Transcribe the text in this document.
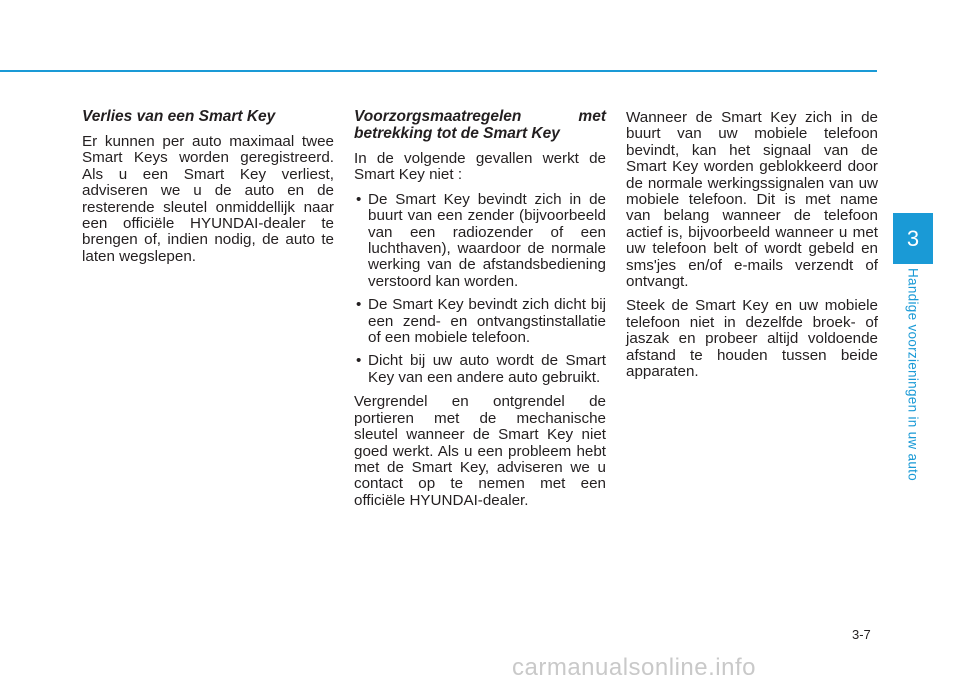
Verlies van een Smart Key

Er kunnen per auto maximaal twee Smart Keys worden geregistreerd. Als u een Smart Key verliest, adviseren we u de auto en de resterende sleutel onmiddellijk naar een officiële HYUNDAI-dealer te brengen of, indien nodig, de auto te laten wegslepen.

Voorzorgsmaatregelen met betrekking tot de Smart Key

In de volgende gevallen werkt de Smart Key niet :

• De Smart Key bevindt zich in de buurt van een zender (bijvoorbeeld van een radiozender of een luchthaven), waardoor de normale werking van de afstandsbediening verstoord kan worden.
• De Smart Key bevindt zich dicht bij een zend- en ontvangstinstallatie of een mobiele telefoon.
• Dicht bij uw auto wordt de Smart Key van een andere auto gebruikt.

Vergrendel en ontgrendel de portieren met de mechanische sleutel wanneer de Smart Key niet goed werkt. Als u een probleem hebt met de Smart Key, adviseren we u contact op te nemen met een officiële HYUNDAI-dealer.

Wanneer de Smart Key zich in de buurt van uw mobiele telefoon bevindt, kan het signaal van de Smart Key worden geblokkeerd door de normale werkingssignalen van uw mobiele telefoon. Dit is met name van belang wanneer de telefoon actief is, bijvoorbeeld wanneer u met uw telefoon belt of wordt gebeld en sms'jes en/of e-mails verzendt of ontvangt.

Steek de Smart Key en uw mobiele telefoon niet in dezelfde broek- of jaszak en probeer altijd voldoende afstand te houden tussen beide apparaten.

3
Handige voorzieningen in uw auto
3-7
carmanualsonline.info
